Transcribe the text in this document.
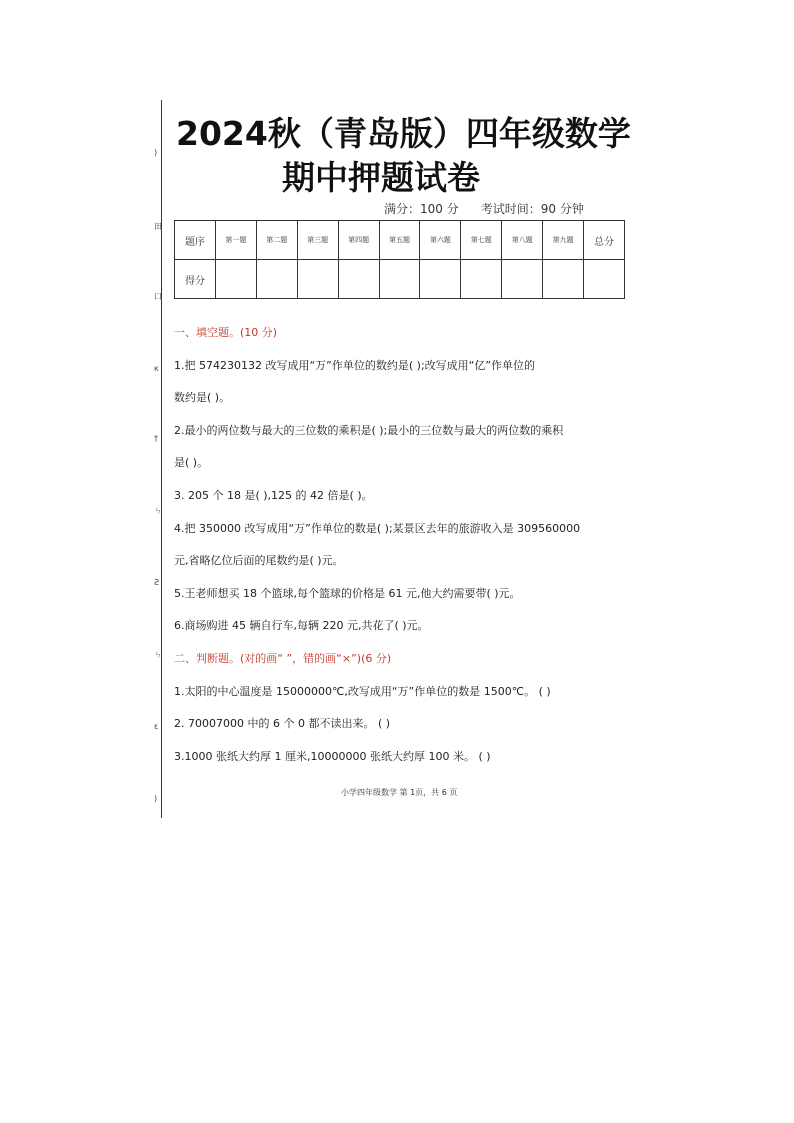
)
田
口
κ
†
ㄣ
Ƨ
ㄣ
ɛ
)
2024秋（青岛版）四年级数学
期中押题试卷
满分：100 分 考试时间：90 分钟
题序	第一题	第二题	第三题	第四题	第五题	第六题	第七题	第八题	第九题	总分
得分										
一、填空题。(10 分)
1.把 574230132 改写成用“万”作单位的数约是( );改写成用“亿”作单位的
数约是( )。
2.最小的两位数与最大的三位数的乘积是( );最小的三位数与最大的两位数的乘积
是( )。
3. 205 个 18 是( ),125 的 42 倍是( )。
4.把 350000 改写成用“万”作单位的数是( );某景区去年的旅游收入是 309560000
元,省略亿位后面的尾数约是( )元。
5.王老师想买 18 个篮球,每个篮球的价格是 61 元,他大约需要带( )元。
6.商场购进 45 辆自行车,每辆 220 元,共花了( )元。
二、判断题。(对的画“ ”，错的画“×”)(6 分)
1.太阳的中心温度是 15000000℃,改写成用“万”作单位的数是 1500℃。 ( )
2. 70007000 中的 6 个 0 都不读出来。 ( )
3.1000 张纸大约厚 1 厘米,10000000 张纸大约厚 100 米。 ( )
小学四年级数学 第 1页，共 6 页
